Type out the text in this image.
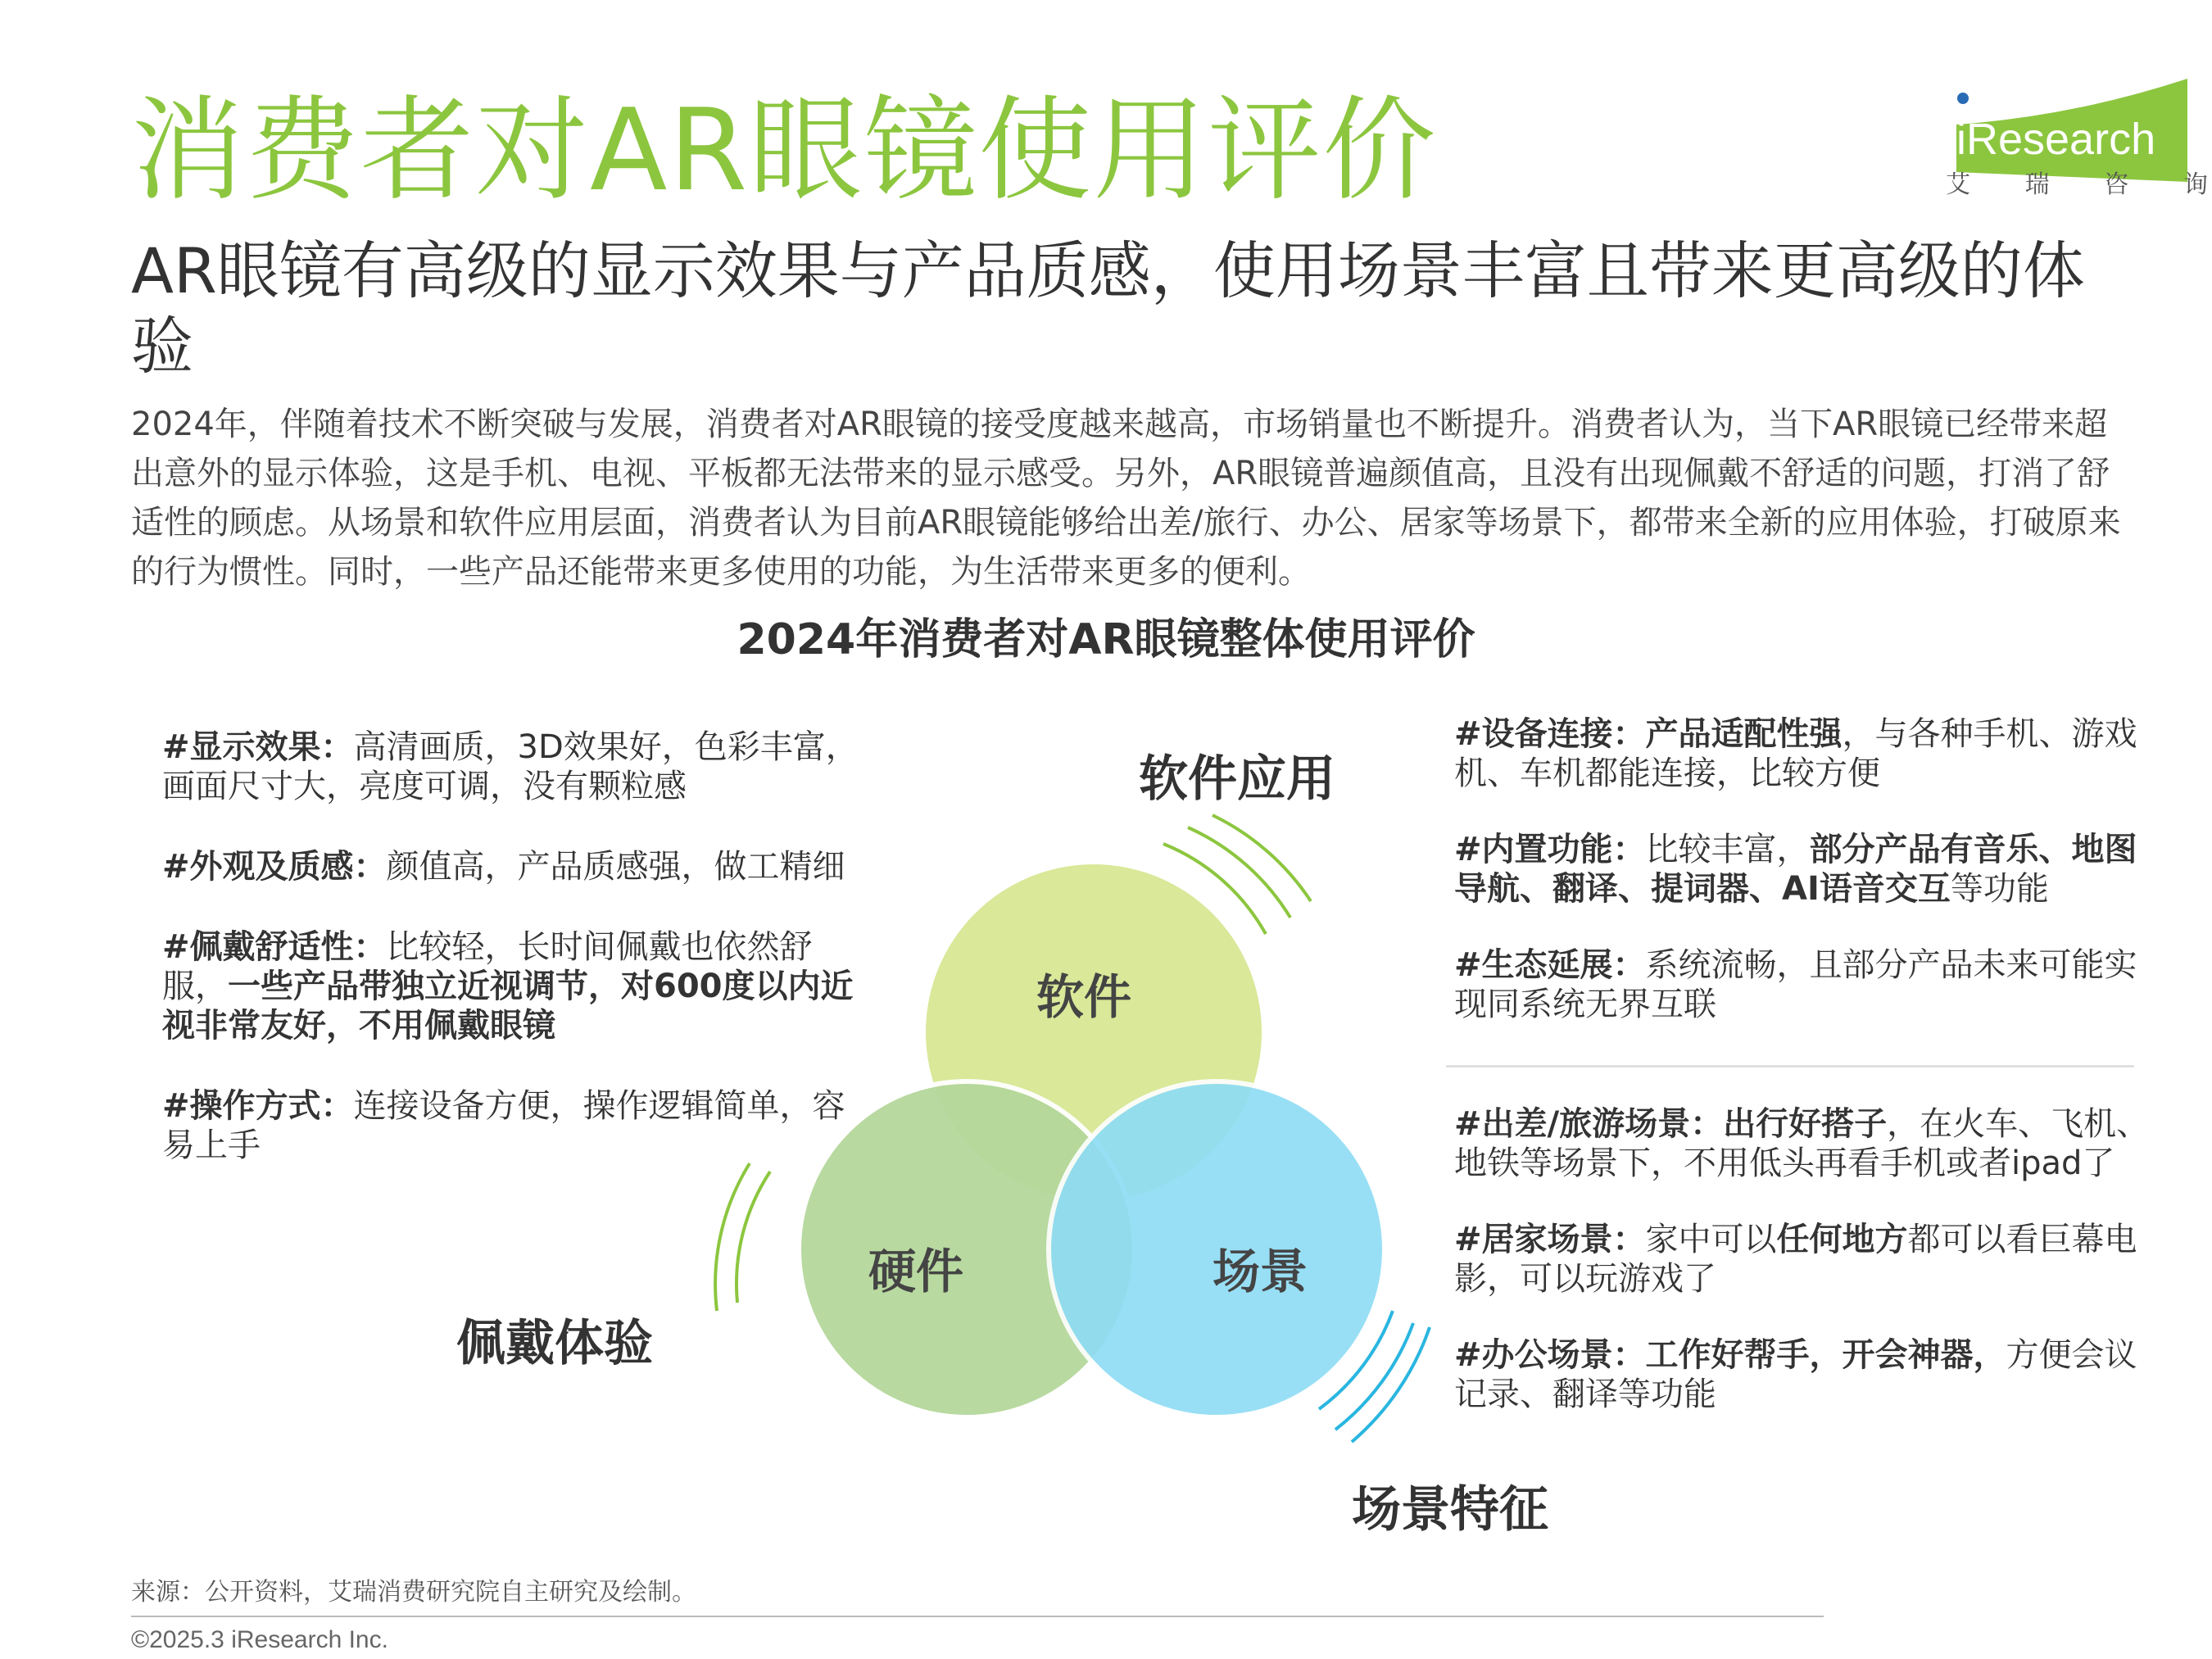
消费者对AR眼镜使用评价
AR眼镜有高级的显示效果与产品质感，使用场景丰富且带来更高级的体验
2024年，伴随着技术不断突破与发展，消费者对AR眼镜的接受度越来越高，市场销量也不断提升。消费者认为，当下AR眼镜已经带来超出意外的显示体验，这是手机、电视、平板都无法带来的显示感受。另外，AR眼镜普遍颜值高，且没有出现佩戴不舒适的问题，打消了舒适性的顾虑。从场景和软件应用层面，消费者认为目前AR眼镜能够给出差/旅行、办公、居家等场景下，都带来全新的应用体验，打破原来的行为惯性。同时，一些产品还能带来更多使用的功能，为生活带来更多的便利。
iResearch
艾 瑞 咨 询
2024年消费者对AR眼镜整体使用评价
软件
硬件	场景
软件应用
佩戴体验
场景特征
#显示效果：高清画质，3D效果好，色彩丰富，画面尺寸大，亮度可调，没有颗粒感
#外观及质感：颜值高，产品质感强，做工精细
#佩戴舒适性：比较轻，长时间佩戴也依然舒服，一些产品带独立近视调节，对600度以内近视非常友好，不用佩戴眼镜
#操作方式：连接设备方便，操作逻辑简单，容易上手
#设备连接：产品适配性强，与各种手机、游戏机、车机都能连接，比较方便
#内置功能：比较丰富，部分产品有音乐、地图导航、翻译、提词器、AI语音交互等功能
#生态延展：系统流畅，且部分产品未来可能实现同系统无界互联
#出差/旅游场景：出行好搭子，在火车、飞机、地铁等场景下，不用低头再看手机或者ipad了
#居家场景：家中可以任何地方都可以看巨幕电影，可以玩游戏了
#办公场景：工作好帮手，开会神器，方便会议记录、翻译等功能
来源：公开资料，艾瑞消费研究院自主研究及绘制。
©2025.3 iResearch Inc.
